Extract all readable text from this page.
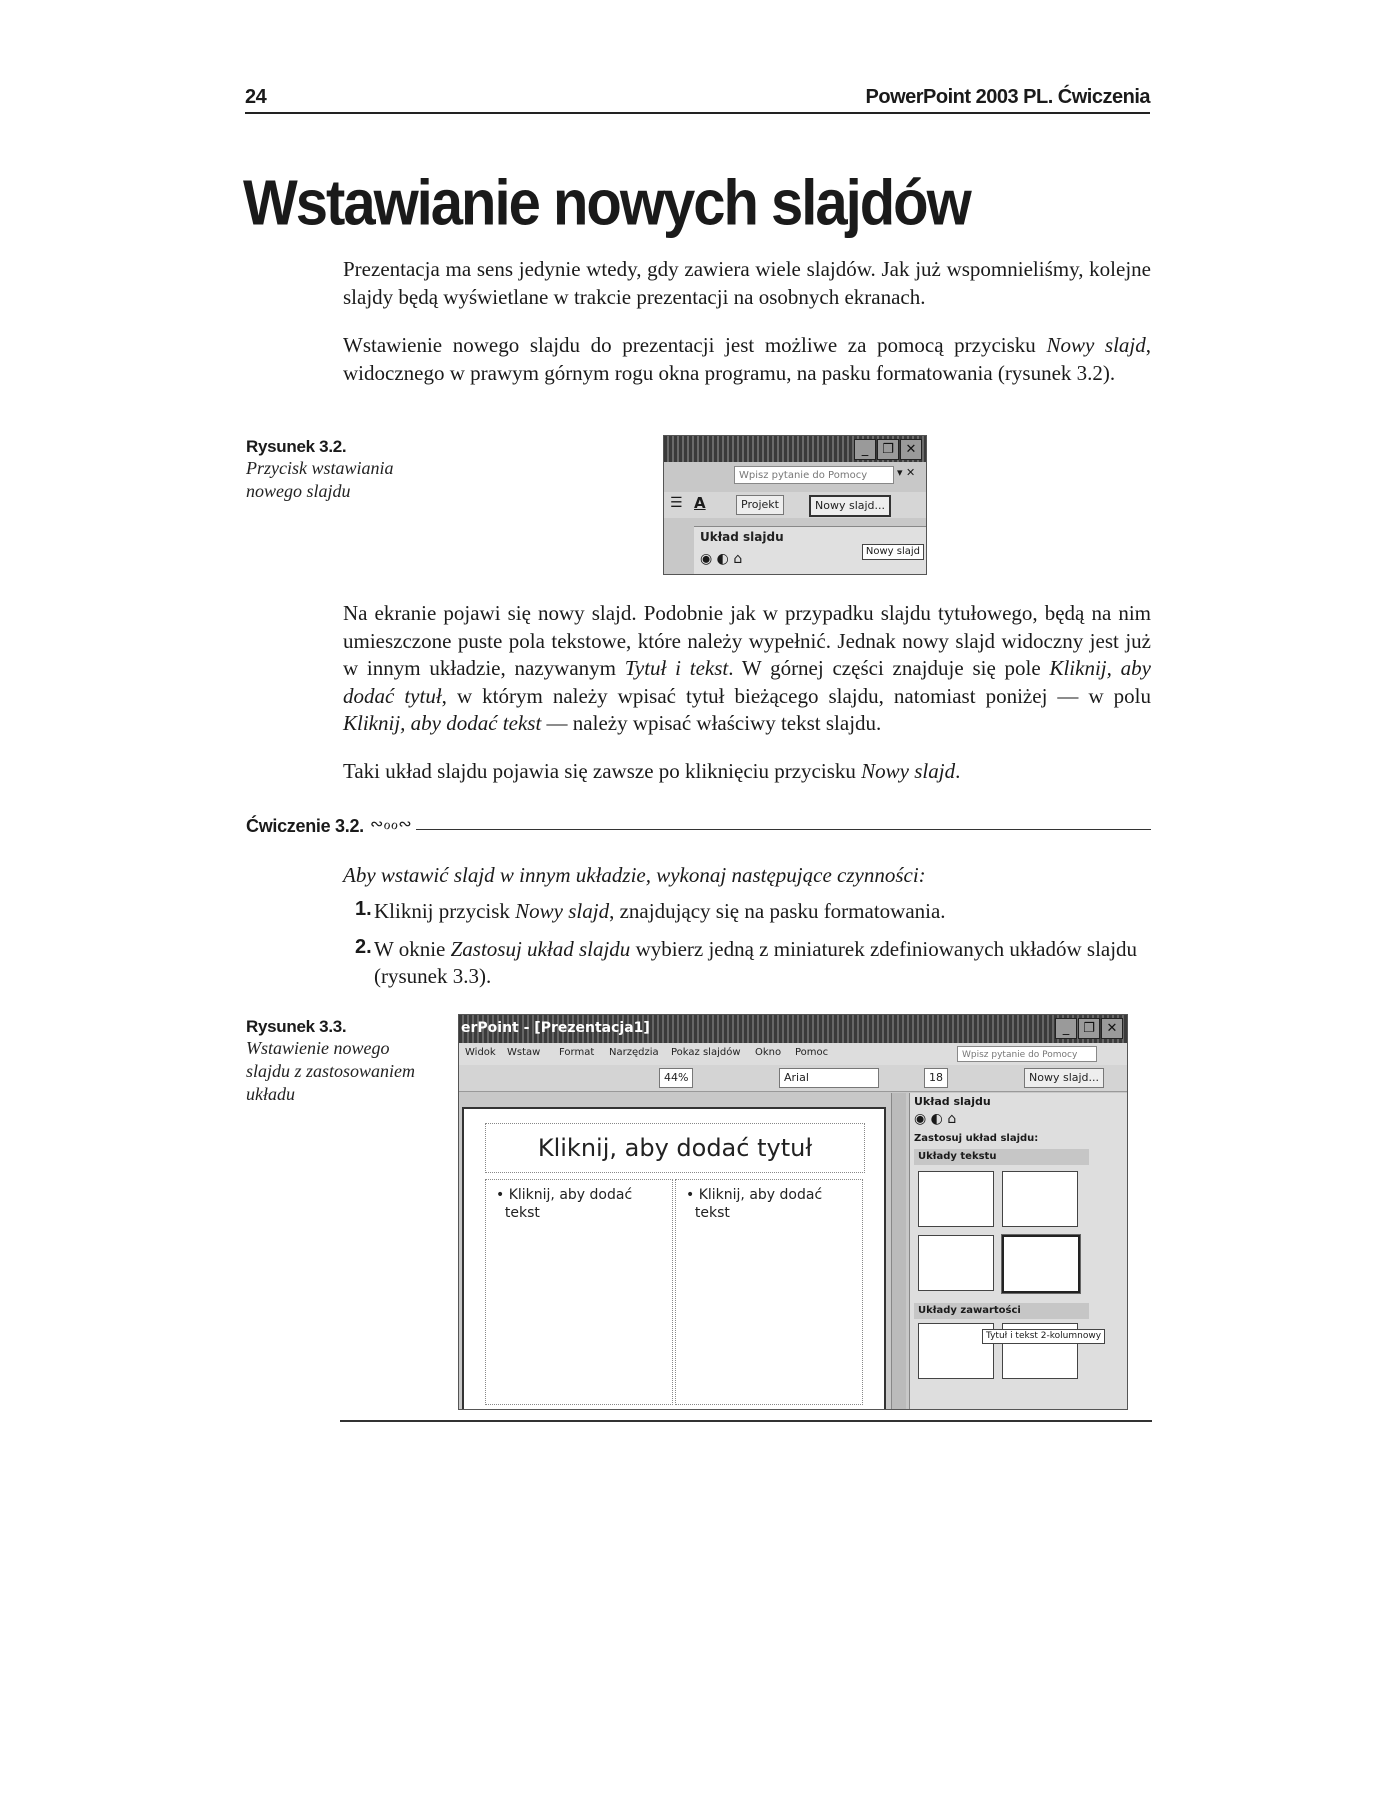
24	PowerPoint 2003 PL. Ćwiczenia
Wstawianie nowych slajdów

Prezentacja ma sens jedynie wtedy, gdy zawiera wiele slajdów. Jak już wspomnieliśmy, kolejne slajdy będą wyświetlane w trakcie prezentacji na osobnych ekranach.

Wstawienie nowego slajdu do prezentacji jest możliwe za pomocą przycisku Nowy slajd, widocznego w prawym górnym rogu okna programu, na pasku formatowania (rysunek 3.2).

Rysunek 3.2.
Przycisk wstawiania nowego slajdu
_	❐ ✕
Wpisz pytanie do Pomocy	▾ ✕
☰ A	Projekt	Nowy slajd...
Układ slajdu
◉ ◐ ⌂	Nowy slajd

Na ekranie pojawi się nowy slajd. Podobnie jak w przypadku slajdu tytułowego, będą na nim umieszczone puste pola tekstowe, które należy wypełnić. Jednak nowy slajd widoczny jest już w innym układzie, nazywanym Tytuł i tekst. W górnej części znajduje się pole Kliknij, aby dodać tytuł, w którym należy wpisać tytuł bieżącego slajdu, natomiast poniżej — w polu Kliknij, aby dodać tekst — należy wpisać właściwy tekst slajdu.

Taki układ slajdu pojawia się zawsze po kliknięciu przycisku Nowy slajd.

Ćwiczenie 3.2. ∾ℴℴ∾

Aby wstawić slajd w innym układzie, wykonaj następujące czynności:

1. Kliknij przycisk Nowy slajd, znajdujący się na pasku formatowania.
2. W oknie Zastosuj układ slajdu wybierz jedną z miniaturek zdefiniowanych układów slajdu (rysunek 3.3).
Rysunek 3.3.
Wstawienie nowego slajdu z zastosowaniem układu
erPoint - [Prezentacja1]	_	❐ ✕
Widok Wstaw Format Narzędzia Pokaz slajdów Okno Pomoc	Wpisz pytanie do Pomocy
44%	Arial	18	Nowy slajd...
Kliknij, aby dodać tytuł
• Kliknij, aby dodać
tekst
• Kliknij, aby dodać
tekst
Układ slajdu
◉ ◐ ⌂
Zastosuj układ slajdu:
Układy tekstu
Układy zawartości
Tytuł i tekst 2-kolumnowy
